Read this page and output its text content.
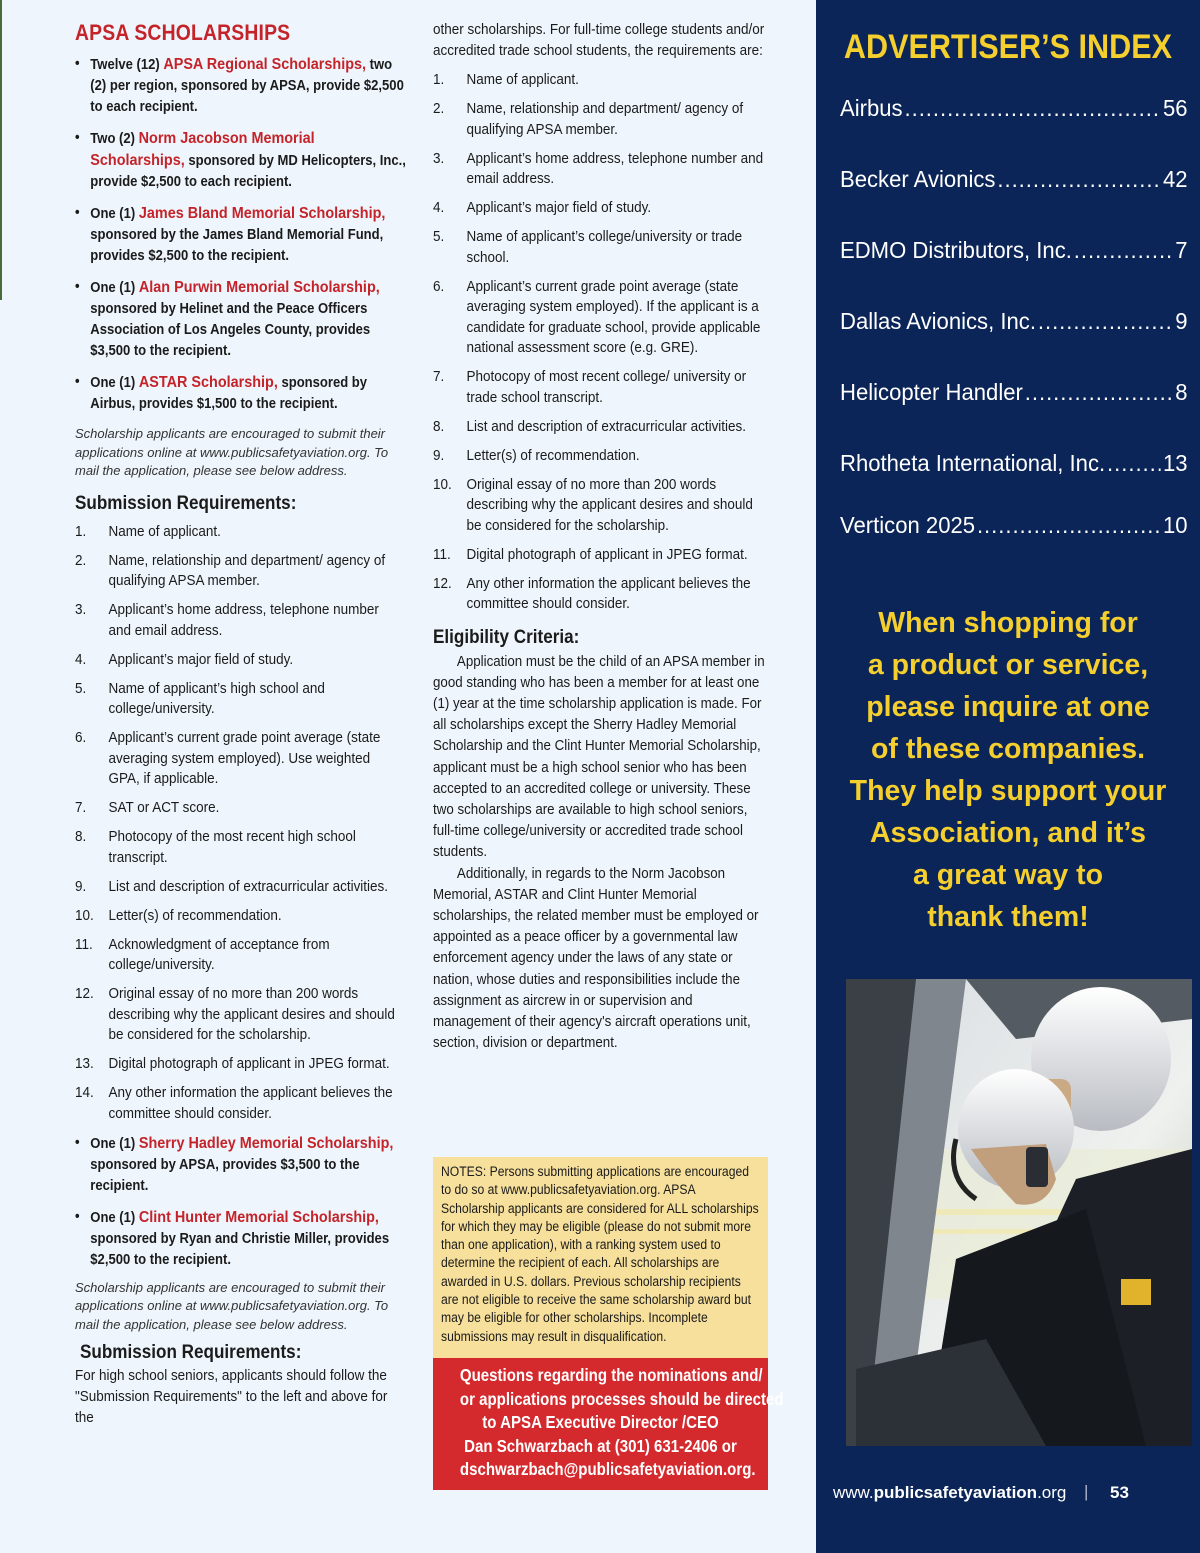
APSA SCHOLARSHIPS
• Twelve (12) APSA Regional Scholarships, two (2) per region, sponsored by APSA, provide $2,500 to each recipient.
• Two (2) Norm Jacobson Memorial Scholarships, sponsored by MD Helicopters, Inc., provide $2,500 to each recipient.
• One (1) James Bland Memorial Scholarship, sponsored by the James Bland Memorial Fund, provides $2,500 to the recipient.
• One (1) Alan Purwin Memorial Scholarship, sponsored by Helinet and the Peace Officers Association of Los Angeles County, provides $3,500 to the recipient.
• One (1) ASTAR Scholarship, sponsored by Airbus, provides $1,500 to the recipient.

Scholarship applicants are encouraged to submit their applications online at www.publicsafetyaviation.org. To mail the application, please see below address.

Submission Requirements:
1.	Name of applicant.
2.	Name, relationship and department/ agency of qualifying APSA member.
3.	Applicant’s home address, telephone number and email address.
4.	Applicant’s major field of study.
5.	Name of applicant’s high school and college/university.
6.	Applicant’s current grade point average (state averaging system employed). Use weighted GPA, if applicable.
7.	SAT or ACT score.
8.	Photocopy of the most recent high school transcript.
9.	List and description of extracurricular activities.
10.	Letter(s) of recommendation.
11.	Acknowledgment of acceptance from college/university.
12.	Original essay of no more than 200 words describing why the applicant desires and should be considered for the scholarship.
13.	Digital photograph of applicant in JPEG format.
14.	Any other information the applicant believes the committee should consider.
• One (1) Sherry Hadley Memorial Scholarship, sponsored by APSA, provides $3,500 to the recipient.
• One (1) Clint Hunter Memorial Scholarship, sponsored by Ryan and Christie Miller, provides $2,500 to the recipient.

Scholarship applicants are encouraged to submit their applications online at www.publicsafetyaviation.org. To mail the application, please see below address.

Submission Requirements:

For high school seniors, applicants should follow the "Submission Requirements" to the left and above for the

other scholarships. For full-time college students and/or accredited trade school students, the requirements are:

1.	Name of applicant.
2.	Name, relationship and department/ agency of qualifying APSA member.
3.	Applicant’s home address, telephone number and email address.
4.	Applicant’s major field of study.
5.	Name of applicant’s college/university or trade school.
6.	Applicant’s current grade point average (state averaging system employed). If the applicant is a candidate for graduate school, provide applicable national assessment score (e.g. GRE).
7.	Photocopy of most recent college/ university or trade school transcript.
8.	List and description of extracurricular activities.
9.	Letter(s) of recommendation.
10.	Original essay of no more than 200 words describing why the applicant desires and should be considered for the scholarship.
11.	Digital photograph of applicant in JPEG format.
12.	Any other information the applicant believes the committee should consider.
Eligibility Criteria:

Application must be the child of an APSA member in good standing who has been a member for at least one (1) year at the time scholarship application is made. For all scholarships except the Sherry Hadley Memorial Scholarship and the Clint Hunter Memorial Scholarship, applicant must be a high school senior who has been accepted to an accredited college or university. These two scholarships are available to high school seniors, full-time college/university or accredited trade school students.

Additionally, in regards to the Norm Jacobson Memorial, ASTAR and Clint Hunter Memorial scholarships, the related member must be employed or appointed as a peace officer by a governmental law enforcement agency under the laws of any state or nation, whose duties and responsibilities include the assignment as aircrew in or supervision and management of their agency's aircraft operations unit, section, division or department.

NOTES: Persons submitting applications are encouraged to do so at www.publicsafetyaviation.org. APSA Scholarship applicants are considered for ALL scholarships for which they may be eligible (please do not submit more than one application), with a ranking system used to determine the recipient of each. All scholarships are awarded in U.S. dollars. Previous scholarship recipients are not eligible to receive the same scholarship award but may be eligible for other scholarships. Incomplete submissions may result in disqualification.

Questions regarding the nominations and/

or applications processes should be directed

to APSA Executive Director /CEO

Dan Schwarzbach at (301) 631-2406 or

dschwarzbach@publicsafetyaviation.org.

ADVERTISER’S INDEX
Airbus .....	56
Becker Avionics .....	42
EDMO Distributors, Inc. .....	7
Dallas Avionics, Inc. .....	9
Helicopter Handler .....	8
Rhotheta International, Inc. .....	13
Verticon 2025 .....	10
When shopping for
a product or service,
please inquire at one
of these companies.
They help support your
Association, and it’s
a great way to
thank them!
www.publicsafetyaviation.org | 53
